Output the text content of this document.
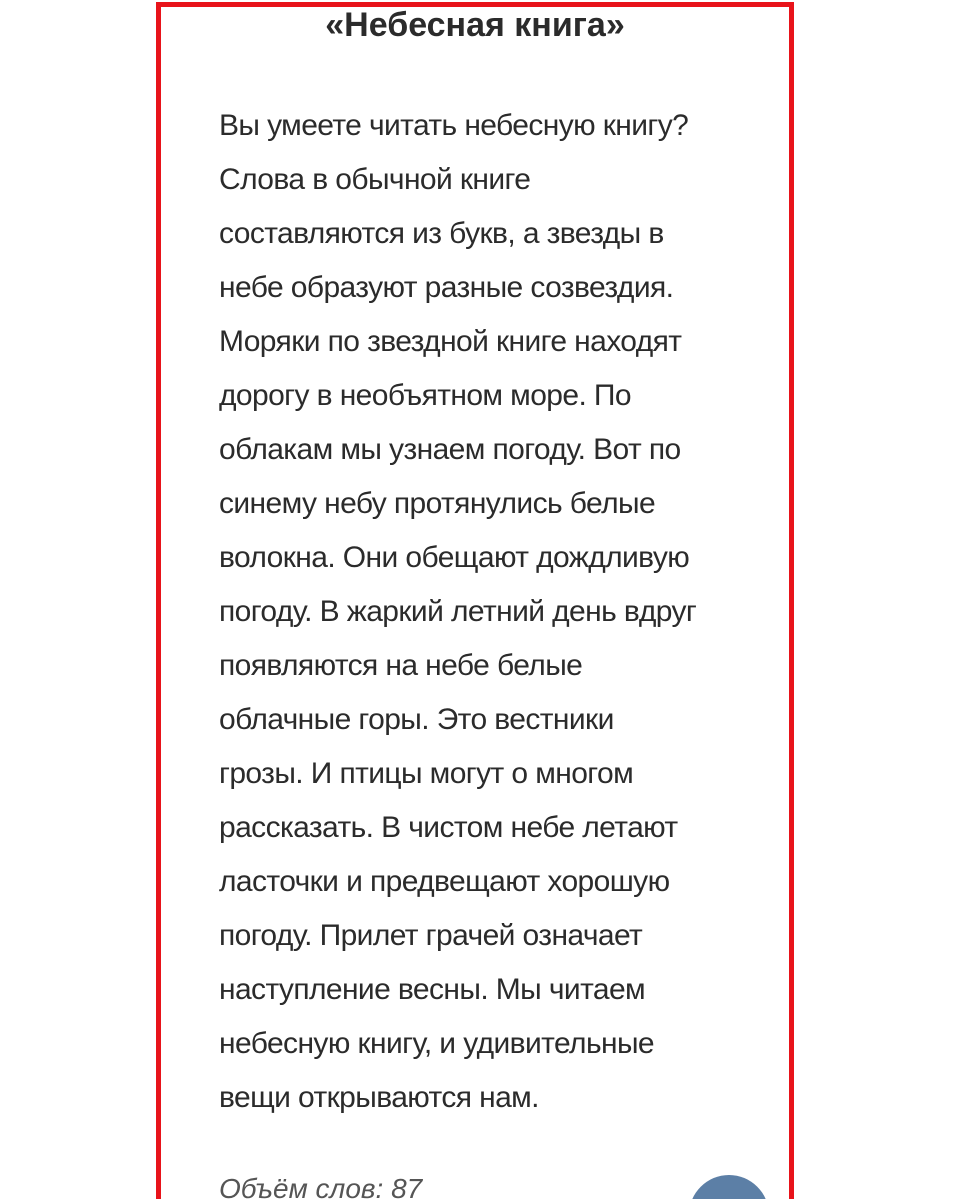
«Небесная книга»
Вы умеете читать небесную книгу?
Слова в обычной книге
составляются из букв, а звезды в
небе образуют разные созвездия.
Моряки по звездной книге находят
дорогу в необъятном море. По
облакам мы узнаем погоду. Вот по
синему небу протянулись белые
волокна. Они обещают дождливую
погоду. В жаркий летний день вдруг
появляются на небе белые
облачные горы. Это вестники
грозы. И птицы могут о многом
рассказать. В чистом небе летают
ласточки и предвещают хорошую
погоду. Прилет грачей означает
наступление весны. Мы читаем
небесную книгу, и удивительные
вещи открываются нам.
Объём слов: 87
